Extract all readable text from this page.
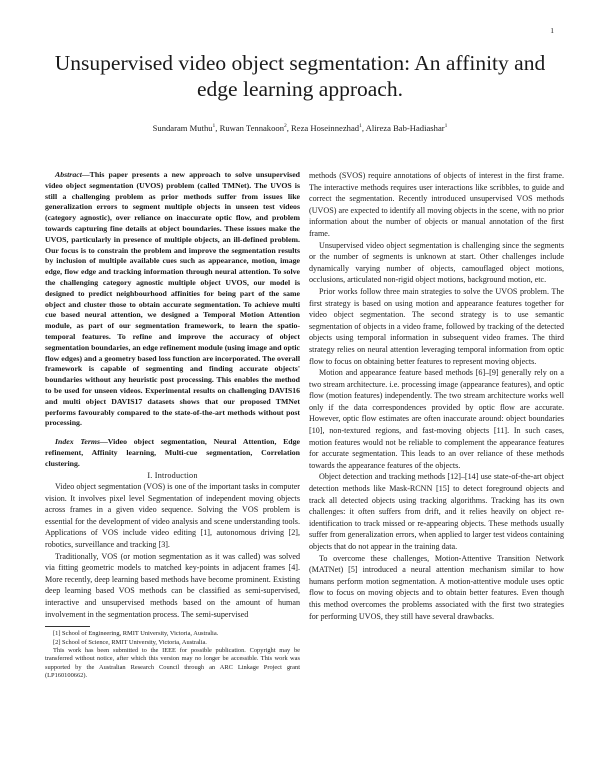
1
Unsupervised video object segmentation: An affinity and edge learning approach.
Sundaram Muthu$^1$, Ruwan Tennakoon$^2$, Reza Hoseinnezhad$^1$, Alireza Bab-Hadiashar$^1$

Abstract—This paper presents a new approach to solve unsupervised video object segmentation (UVOS) problem (called TMNet). The UVOS is still a challenging problem as prior methods suffer from issues like generalization errors to segment multiple objects in unseen test videos (category agnostic), over reliance on inaccurate optic flow, and problem towards capturing fine details at object boundaries. These issues make the UVOS, particularly in presence of multiple objects, an ill-defined problem. Our focus is to constrain the problem and improve the segmentation results by inclusion of multiple available cues such as appearance, motion, image edge, flow edge and tracking information through neural attention. To solve the challenging category agnostic multiple object UVOS, our model is designed to predict neighbourhood affinities for being part of the same object and cluster those to obtain accurate segmentation. To achieve multi cue based neural attention, we designed a Temporal Motion Attention module, as part of our segmentation framework, to learn the spatio-temporal features. To refine and improve the accuracy of object segmentation boundaries, an edge refinement module (using image and optic flow edges) and a geometry based loss function are incorporated. The overall framework is capable of segmenting and finding accurate objects' boundaries without any heuristic post processing. This enables the method to be used for unseen videos. Experimental results on challenging DAVIS16 and multi object DAVIS17 datasets shows that our proposed TMNet performs favourably compared to the state-of-the-art methods without post processing.

Index Terms—Video object segmentation, Neural Attention, Edge refinement, Affinity learning, Multi-cue segmentation, Correlation clustering.

I. Introduction

Video object segmentation (VOS) is one of the important tasks in computer vision. It involves pixel level Segmentation of independent moving objects across frames in a given video sequence. Solving the VOS problem is essential for the development of video analysis and scene understanding tools. Applications of VOS include video editing [1], autonomous driving [2], robotics, surveillance and tracking [3].

Traditionally, VOS (or motion segmentation as it was called) was solved via fitting geometric models to matched key-points in adjacent frames [4]. More recently, deep learning based methods have become prominent. Existing deep learning based VOS methods can be classified as semi-supervised, interactive and unsupervised methods based on the amount of human involvement in the segmentation process. The semi-supervised

[1] School of Engineering, RMIT University, Victoria, Australia.

[2] School of Science, RMIT University, Victoria, Australia.

This work has been submitted to the IEEE for possible publication. Copyright may be transferred without notice, after which this version may no longer be accessible. This work was supported by the Australian Research Council through an ARC Linkage Project grant (LP160100662).

methods (SVOS) require annotations of objects of interest in the first frame. The interactive methods requires user interactions like scribbles, to guide and correct the segmentation. Recently introduced unsupervised VOS methods (UVOS) are expected to identify all moving objects in the scene, with no prior information about the number of objects or manual annotation of the first frame.

Unsupervised video object segmentation is challenging since the segments or the number of segments is unknown at start. Other challenges include dynamically varying number of objects, camouflaged object motions, occlusions, articulated non-rigid object motions, background motion, etc.

Prior works follow three main strategies to solve the UVOS problem. The first strategy is based on using motion and appearance features together for video object segmentation. The second strategy is to use semantic segmentation of objects in a video frame, followed by tracking of the detected objects using temporal information in subsequent video frames. The third strategy relies on neural attention leveraging temporal information from optic flow to focus on obtaining better features to represent moving objects.

Motion and appearance feature based methods [6]–[9] generally rely on a two stream architecture. i.e. processing image (appearance features), and optic flow (motion features) independently. The two stream architecture works well only if the data correspondences provided by optic flow are accurate. However, optic flow estimates are often inaccurate around: object boundaries [10], non-textured regions, and fast-moving objects [11]. In such cases, motion features would not be reliable to complement the appearance features for accurate segmentation. This leads to an over reliance of these methods towards the appearance features of the objects.

Object detection and tracking methods [12]–[14] use state-of-the-art object detection methods like Mask-RCNN [15] to detect foreground objects and track all detected objects using tracking algorithms. Tracking has its own challenges: it often suffers from drift, and it relies heavily on object re-identification to track missed or re-appearing objects. These methods usually suffer from generalization errors, when applied to larger test videos containing objects that do not appear in the training data.

To overcome these challenges, Motion-Attentive Transition Network (MATNet) [5] introduced a neural attention mechanism similar to how humans perform motion segmentation. A motion-attentive module uses optic flow to focus on moving objects and to obtain better features. Even though this method overcomes the problems associated with the first two strategies for performing UVOS, they still have several drawbacks.
